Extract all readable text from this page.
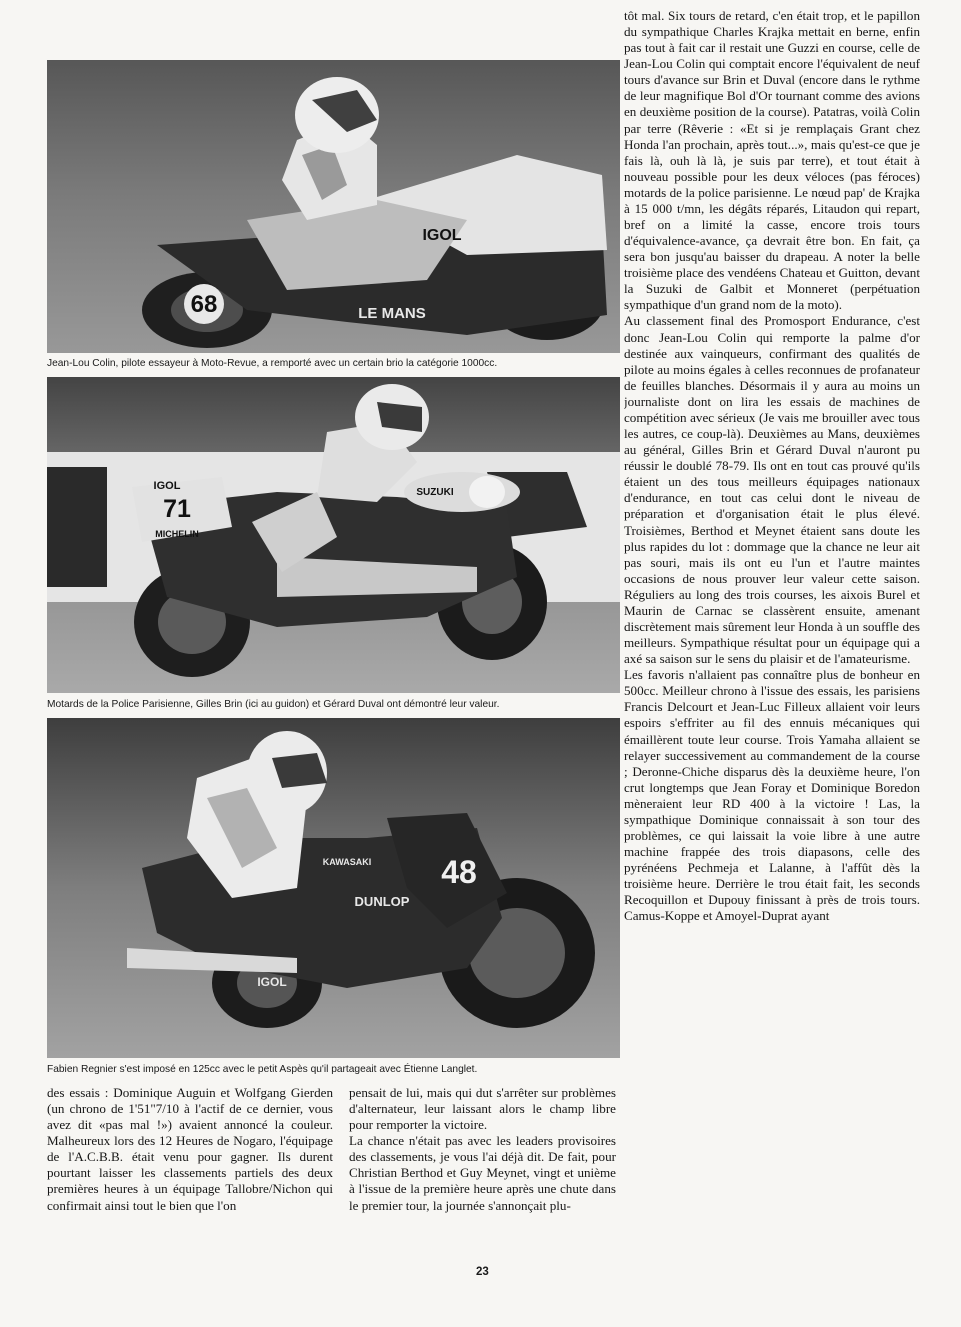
68
IGOL
LE MANS
Jean-Lou Colin, pilote essayeur à Moto-Revue, a remporté avec un certain brio la catégorie 1000cc.
71
IGOL
MICHELIN
SUZUKI
Motards de la Police Parisienne, Gilles Brin (ici au guidon) et Gérard Duval ont démontré leur valeur.
48
DUNLOP
IGOL
KAWASAKI
Fabien Regnier s'est imposé en 125cc avec le petit Aspès qu'il partageait avec Étienne Langlet.

tôt mal. Six tours de retard, c'en était trop, et le papillon du sympathique Charles Krajka mettait en berne, enfin pas tout à fait car il restait une Guzzi en course, celle de Jean-Lou Colin qui comptait encore l'équivalent de neuf tours d'avance sur Brin et Duval (encore dans le rythme de leur magnifique Bol d'Or tournant comme des avions en deuxième position de la course). Patatras, voilà Colin par terre (Rêverie : «Et si je remplaçais Grant chez Honda l'an prochain, après tout...», mais qu'est-ce que je fais là, ouh là là, je suis par terre), et tout était à nouveau possible pour les deux véloces (pas féroces) motards de la police parisienne. Le nœud pap' de Krajka à 15 000 t/mn, les dégâts réparés, Litaudon qui repart, bref on a limité la casse, encore trois tours d'équivalence-avance, ça devrait être bon. En fait, ça sera bon jusqu'au baisser du drapeau. A noter la belle troisième place des vendéens Chateau et Guitton, devant la Suzuki de Galbit et Monneret (perpétuation sympathique d'un grand nom de la moto).

Au classement final des Promosport Endurance, c'est donc Jean-Lou Colin qui remporte la palme d'or destinée aux vainqueurs, confirmant des qualités de pilote au moins égales à celles reconnues de profanateur de feuilles blanches. Désormais il y aura au moins un journaliste dont on lira les essais de machines de compétition avec sérieux (Je vais me brouiller avec tous les autres, ce coup-là). Deuxièmes au Mans, deuxièmes au général, Gilles Brin et Gérard Duval n'auront pu réussir le doublé 78-79. Ils ont en tout cas prouvé qu'ils étaient un des tous meilleurs équipages nationaux d'endurance, en tout cas celui dont le niveau de préparation et d'organisation était le plus élevé. Troisièmes, Berthod et Meynet étaient sans doute les plus rapides du lot : dommage que la chance ne leur ait pas souri, mais ils ont eu l'un et l'autre maintes occasions de nous prouver leur valeur cette saison. Réguliers au long des trois courses, les aixois Burel et Maurin de Carnac se classèrent ensuite, amenant discrètement mais sûrement leur Honda à un souffle des meilleurs. Sympathique résultat pour un équipage qui a axé sa saison sur le sens du plaisir et de l'amateurisme.

Les favoris n'allaient pas connaître plus de bonheur en 500cc. Meilleur chrono à l'issue des essais, les parisiens Francis Delcourt et Jean-Luc Filleux allaient voir leurs espoirs s'effriter au fil des ennuis mécaniques qui émaillèrent toute leur course. Trois Yamaha allaient se relayer successivement au commandement de la course ; Deronne-Chiche disparus dès la deuxième heure, l'on crut longtemps que Jean Foray et Dominique Boredon mèneraient leur RD 400 à la victoire ! Las, la sympathique Dominique connaissait à son tour des problèmes, ce qui laissait la voie libre à une autre machine frappée des trois diapasons, celle des pyrénéens Pechmeja et Lalanne, à l'affût dès la troisième heure. Derrière le trou était fait, les seconds Recoquillon et Dupouy finissant à près de trois tours. Camus-Koppe et Amoyel-Duprat ayant

des essais : Dominique Auguin et Wolfgang Gierden (un chrono de 1'51"7/10 à l'actif de ce dernier, vous avez dit «pas mal !») avaient annoncé la couleur. Malheureux lors des 12 Heures de Nogaro, l'équipage de l'A.C.B.B. était venu pour gagner. Ils durent pourtant laisser les classements partiels des deux premières heures à un équipage Tallobre/Nichon qui confirmait ainsi tout le bien que l'on

pensait de lui, mais qui dut s'arrêter sur problèmes d'alternateur, leur laissant alors le champ libre pour remporter la victoire.

La chance n'était pas avec les leaders provisoires des classements, je vous l'ai déjà dit. De fait, pour Christian Berthod et Guy Meynet, vingt et unième à l'issue de la première heure après une chute dans le premier tour, la journée s'annonçait plu-

23
